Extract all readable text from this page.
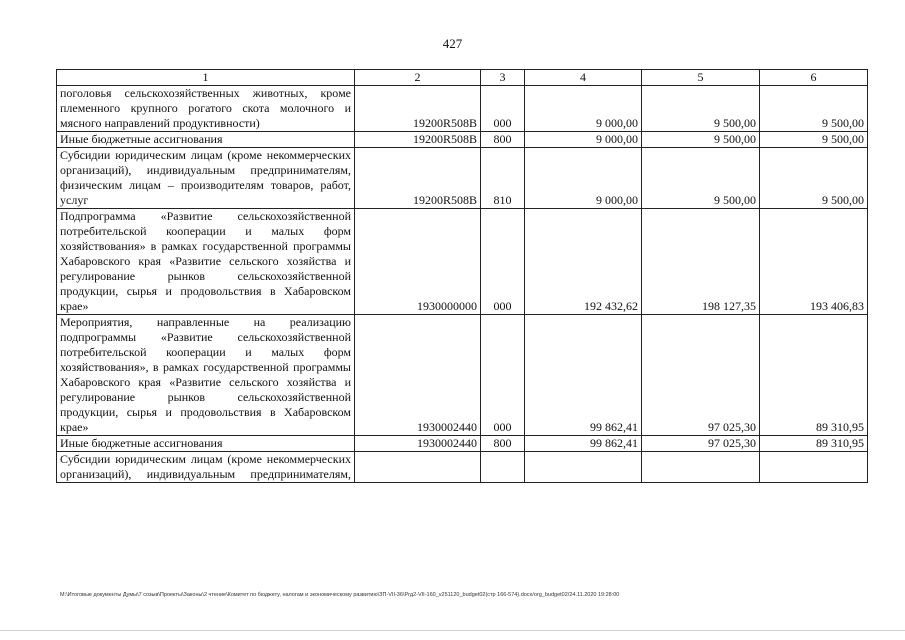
427
1	2	3	4	5	6
поголовья сельскохозяйственных животных, кроме племенного крупного рогатого скота молочного и мясного направлений продуктивности)	19200R508B	000	9 000,00	9 500,00	9 500,00
Иные бюджетные ассигнования	19200R508B	800	9 000,00	9 500,00	9 500,00
Субсидии юридическим лицам (кроме некоммерческих организаций), индивидуальным предпринимателям, физическим лицам – производителям товаров, работ, услуг	19200R508B	810	9 000,00	9 500,00	9 500,00
Подпрограмма «Развитие сельскохозяйственной потребительской кооперации и малых форм хозяйствования» в рамках государственной программы Хабаровского края «Развитие сельского хозяйства и регулирование рынков сельскохозяйственной продукции, сырья и продовольствия в Хабаровском крае»	1930000000	000	192 432,62	198 127,35	193 406,83
Мероприятия, направленные на реализацию подпрограммы «Развитие сельскохозяйственной потребительской кооперации и малых форм хозяйствования», в рамках государственной программы Хабаровского края «Развитие сельского хозяйства и регулирование рынков сельскохозяйственной продукции, сырья и продовольствия в Хабаровском крае»	1930002440	000	99 862,41	97 025,30	89 310,95
Иные бюджетные ассигнования	1930002440	800	99 862,41	97 025,30	89 310,95
Субсидии юридическим лицам (кроме некоммерческих организаций), индивидуальным предпринимателям,					
M:\Итоговые документы Думы\7 созыв\Проекты\Законы\2 чтение\Комитет по бюджету, налогам и экономическому развитию\ЗП-VII-36\Ргд2-VII-160_v251120_budget02(стр 166-574).docx/org_budget02/24.11.2020 19:28:00
